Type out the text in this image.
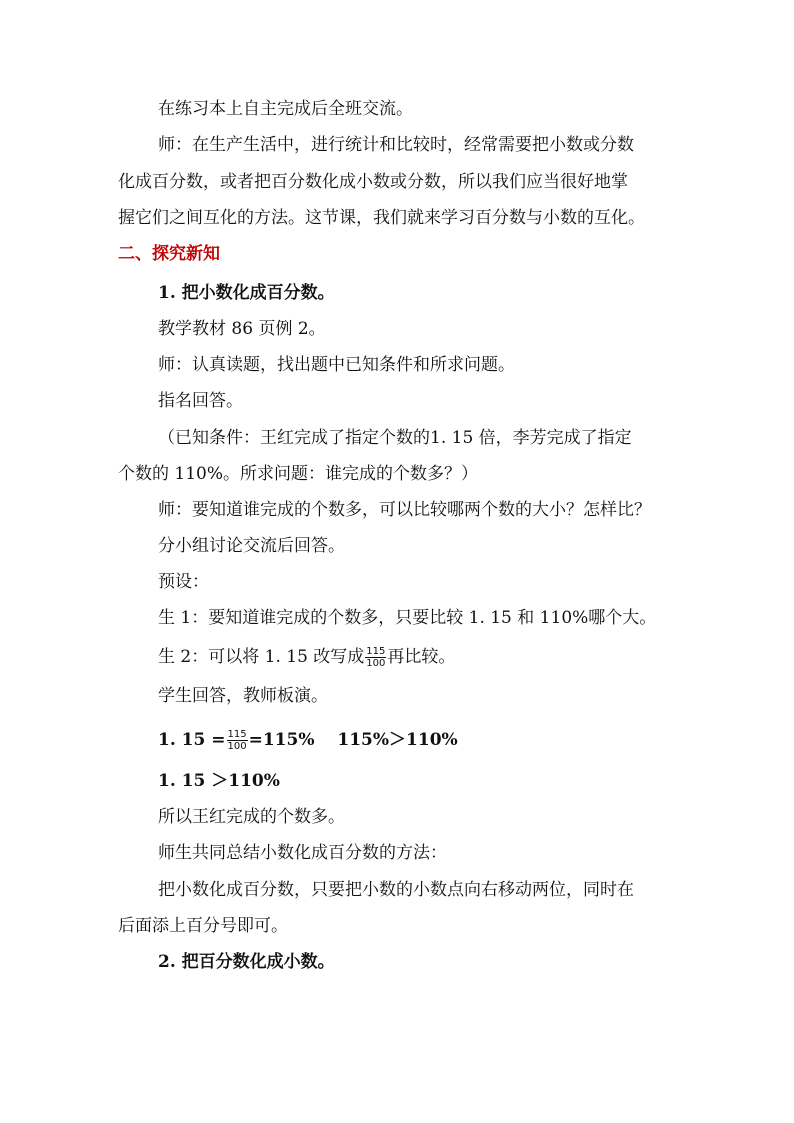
在练习本上自主完成后全班交流。
师：在生产生活中，进行统计和比较时，经常需要把小数或分数
化成百分数，或者把百分数化成小数或分数，所以我们应当很好地掌
握它们之间互化的方法。这节课，我们就来学习百分数与小数的互化。
二、探究新知
1. 把小数化成百分数。
教学教材 86 页例 2。
师：认真读题，找出题中已知条件和所求问题。
指名回答。
（已知条件：王红完成了指定个数的1. 15 倍，李芳完成了指定
个数的 110%。所求问题：谁完成的个数多？）
师：要知道谁完成的个数多，可以比较哪两个数的大小？怎样比？
分小组讨论交流后回答。
预设：
生 1：要知道谁完成的个数多，只要比较 1. 15 和 110%哪个大。
生 2：可以将 1. 15 改写成 $\frac{115}{100}$ 再比较。
学生回答，教师板演。
1. $15 = \frac{115}{100} =115\%$　 115%＞110%
1. 15 ＞110%
所以王红完成的个数多。
师生共同总结小数化成百分数的方法：
把小数化成百分数，只要把小数的小数点向右移动两位，同时在
后面添上百分号即可。
2. 把百分数化成小数。
